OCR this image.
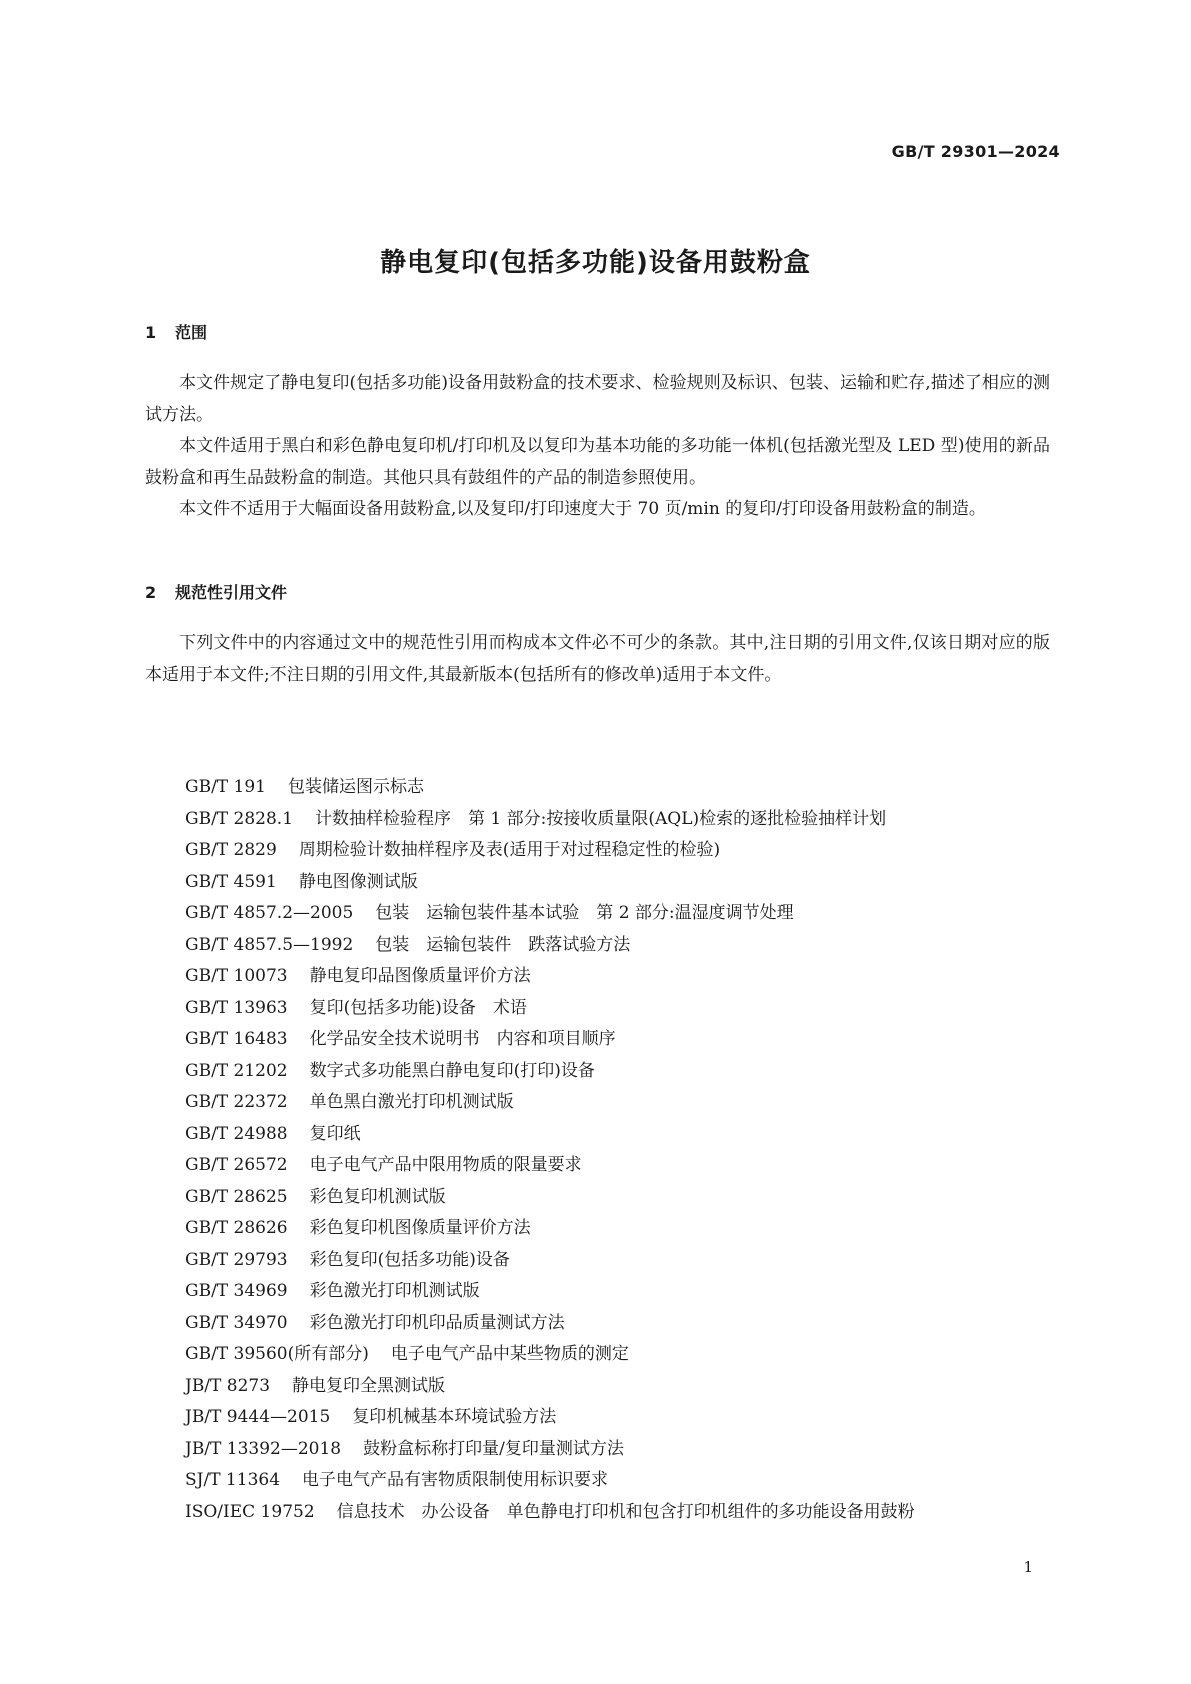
GB/T 29301—2024
静电复印(包括多功能)设备用鼓粉盒
1 范围
本文件规定了静电复印(包括多功能)设备用鼓粉盒的技术要求、检验规则及标识、包装、运输和贮存,描述了相应的测试方法。
本文件适用于黑白和彩色静电复印机/打印机及以复印为基本功能的多功能一体机(包括激光型及 LED 型)使用的新品鼓粉盒和再生品鼓粉盒的制造。其他只具有鼓组件的产品的制造参照使用。
本文件不适用于大幅面设备用鼓粉盒,以及复印/打印速度大于 70 页/min 的复印/打印设备用鼓粉盒的制造。
2 规范性引用文件
下列文件中的内容通过文中的规范性引用而构成本文件必不可少的条款。其中,注日期的引用文件,仅该日期对应的版本适用于本文件;不注日期的引用文件,其最新版本(包括所有的修改单)适用于本文件。
GB/T 191 包装储运图示标志
GB/T 2828.1 计数抽样检验程序　第 1 部分:按接收质量限(AQL)检索的逐批检验抽样计划
GB/T 2829 周期检验计数抽样程序及表(适用于对过程稳定性的检验)
GB/T 4591 静电图像测试版
GB/T 4857.2—2005 包装　运输包装件基本试验　第 2 部分:温湿度调节处理
GB/T 4857.5—1992 包装　运输包装件　跌落试验方法
GB/T 10073 静电复印品图像质量评价方法
GB/T 13963 复印(包括多功能)设备　术语
GB/T 16483 化学品安全技术说明书　内容和项目顺序
GB/T 21202 数字式多功能黑白静电复印(打印)设备
GB/T 22372 单色黑白激光打印机测试版
GB/T 24988 复印纸
GB/T 26572 电子电气产品中限用物质的限量要求
GB/T 28625 彩色复印机测试版
GB/T 28626 彩色复印机图像质量评价方法
GB/T 29793 彩色复印(包括多功能)设备
GB/T 34969 彩色激光打印机测试版
GB/T 34970 彩色激光打印机印品质量测试方法
GB/T 39560(所有部分) 电子电气产品中某些物质的测定
JB/T 8273 静电复印全黑测试版
JB/T 9444—2015 复印机械基本环境试验方法
JB/T 13392—2018 鼓粉盒标称打印量/复印量测试方法
SJ/T 11364 电子电气产品有害物质限制使用标识要求
ISO/IEC 19752 信息技术　办公设备　单色静电打印机和包含打印机组件的多功能设备用鼓粉
1
